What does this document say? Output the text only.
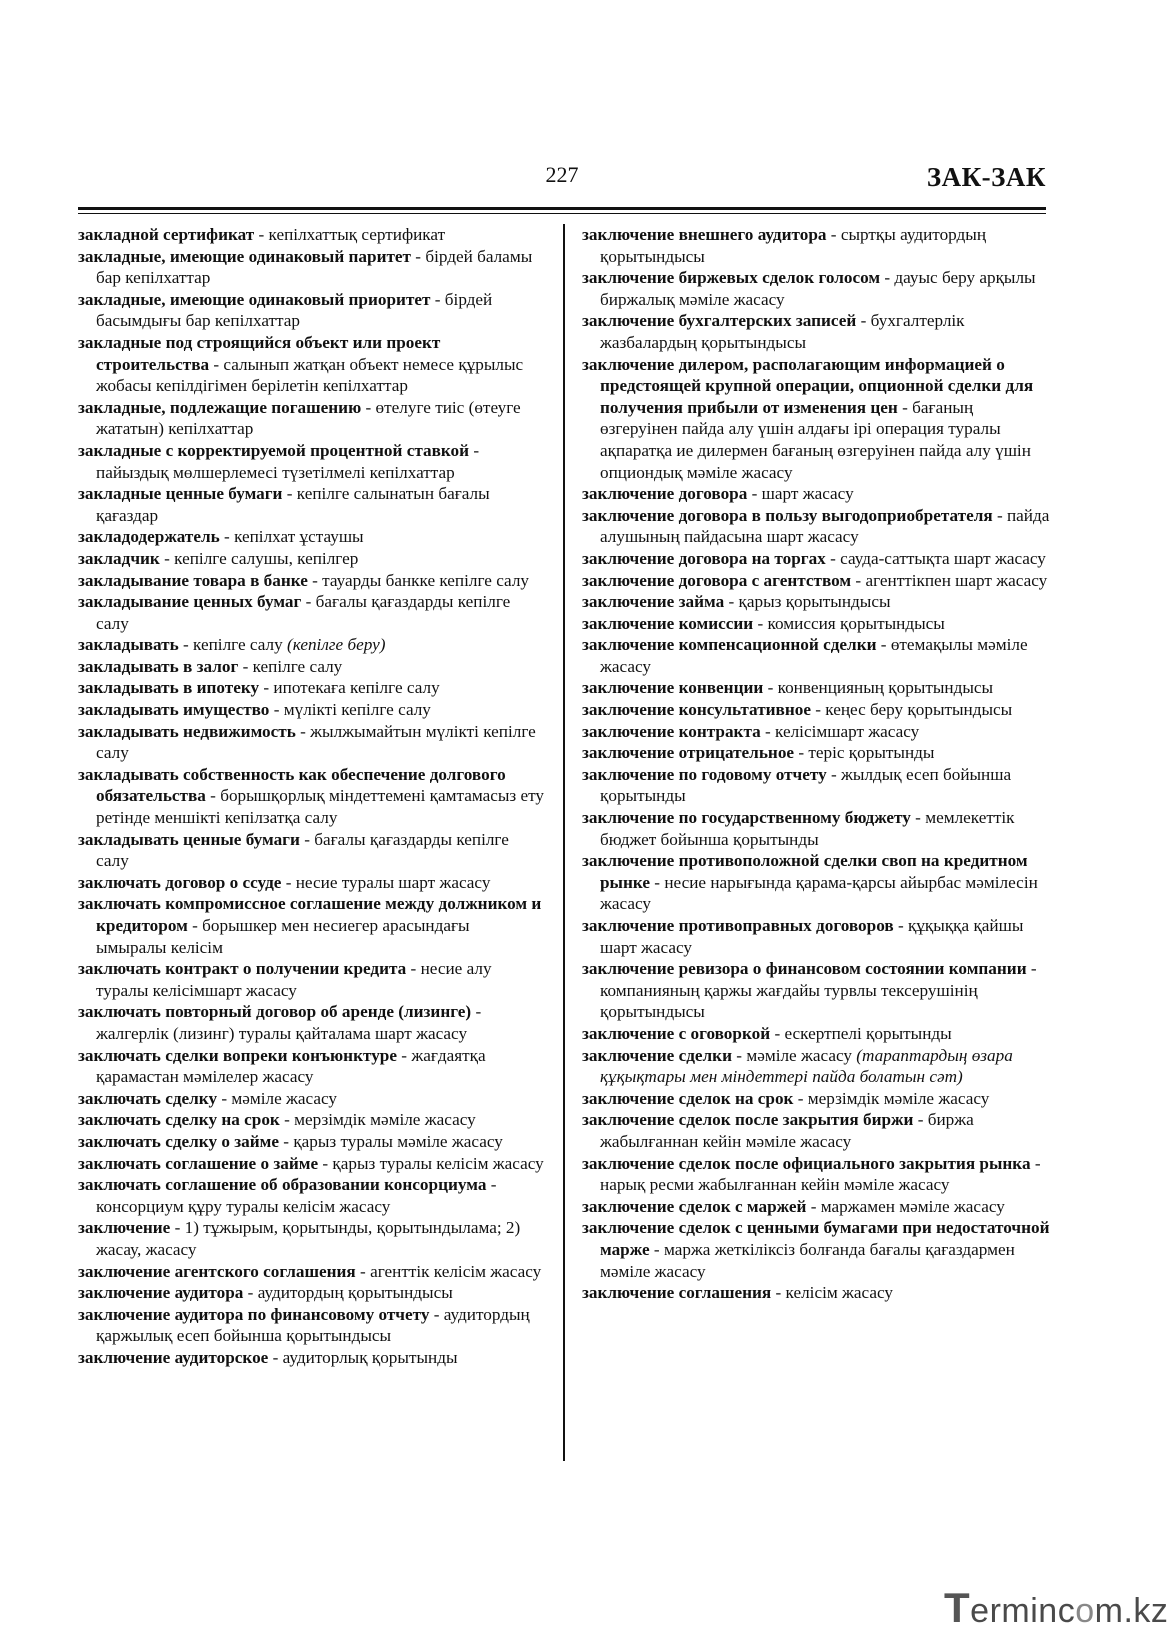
227	ЗАК-ЗАК

закладной сертификат - кепілхаттық сертификат

закладные, имеющие одинаковый паритет - бірдей баламы бар кепілхаттар

закладные, имеющие одинаковый приоритет - бірдей басымдығы бар кепілхаттар

закладные под строящийся объект или проект строительства - салынып жатқан объект немесе құрылыс жобасы кепілдігімен берілетін кепілхаттар

закладные, подлежащие погашению - өтелуге тиіс (өтеуге жататын) кепілхаттар

закладные с корректируемой процентной ставкой - пайыздық мөлшерлемесі түзетілмелі кепілхаттар

закладные ценные бумаги - кепілге салынатын бағалы қағаздар

закладодержатель - кепілхат ұстаушы

закладчик - кепілге салушы, кепілгер

закладывание товара в банке - тауарды банкке кепілге салу

закладывание ценных бумаг - бағалы қағаздарды кепілге салу

закладывать - кепілге салу (кепілге беру)

закладывать в залог - кепілге салу

закладывать в ипотеку - ипотекаға кепілге салу

закладывать имущество - мүлікті кепілге салу

закладывать недвижимость - жылжымайтын мүлікті кепілге салу

закладывать собственность как обеспечение долгового обязательства - борышқорлық міндеттемені қамтамасыз ету ретінде меншікті кепілзатқа салу

закладывать ценные бумаги - бағалы қағаздарды кепілге салу

заключать договор о ссуде - несие туралы шарт жасасу

заключать компромиссное соглашение между должником и кредитором - борышкер мен несиегер арасындағы ымыралы келісім

заключать контракт о получении кредита - несие алу туралы келісімшарт жасасу

заключать повторный договор об аренде (лизинге) - жалгерлік (лизинг) туралы қайталама шарт жасасу

заключать сделки вопреки конъюнктуре - жағдаятқа қарамастан мәмілелер жасасу

заключать сделку - мәміле жасасу

заключать сделку на срок - мерзімдік мәміле жасасу

заключать сделку о займе - қарыз туралы мәміле жасасу

заключать соглашение о займе - қарыз туралы келісім жасасу

заключать соглашение об образовании консорциума - консорциум құру туралы келісім жасасу

заключение - 1) тұжырым, қорытынды, қорытындылама; 2) жасау, жасасу

заключение агентского соглашения - агенттік келісім жасасу

заключение аудитора - аудитордың қорытындысы

заключение аудитора по финансовому отчету - аудитордың қаржылық есеп бойынша қорытындысы

заключение аудиторское - аудиторлық қорытынды

заключение внешнего аудитора - сыртқы аудитордың қорытындысы

заключение биржевых сделок голосом - дауыс беру арқылы биржалық мәміле жасасу

заключение бухгалтерских записей - бухгалтерлік жазбалардың қорытындысы

заключение дилером, располагающим информацией о предстоящей крупной операции, опционной сделки для получения прибыли от изменения цен - бағаның өзгеруінен пайда алу үшін алдағы ірі операция туралы ақпаратқа ие дилермен бағаның өзгеруінен пайда алу үшін опциондық мәміле жасасу

заключение договора - шарт жасасу

заключение договора в пользу выгодоприобретателя - пайда алушының пайдасына шарт жасасу

заключение договора на торгах - сауда-саттықта шарт жасасу

заключение договора с агентством - агенттікпен шарт жасасу

заключение займа - қарыз қорытындысы

заключение комиссии - комиссия қорытындысы

заключение компенсационной сделки - өтемақылы мәміле жасасу

заключение конвенции - конвенцияның қорытындысы

заключение консультативное - кеңес беру қорытындысы

заключение контракта - келісімшарт жасасу

заключение отрицательное - теріс қорытынды

заключение по годовому отчету - жылдық есеп бойынша қорытынды

заключение по государственному бюджету - мемлекеттік бюджет бойынша қорытынды

заключение противоположной сделки своп на кредитном рынке - несие нарығында қарама-қарсы айырбас мәмілесін жасасу

заключение противоправных договоров - құқыққа қайшы шарт жасасу

заключение ревизора о финансовом состоянии компании - компанияның қаржы жағдайы турвлы тексерушінің қорытындысы

заключение с оговоркой - ескертпелі қорытынды

заключение сделки - мәміле жасасу (тараптардың өзара құқықтары мен міндеттері пайда болатын сәт)

заключение сделок на срок - мерзімдік мәміле жасасу

заключение сделок после закрытия биржи - биржа жабылғаннан кейін мәміле жасасу

заключение сделок после официального закрытия рынка - нарық ресми жабылғаннан кейін мәміле жасасу

заключение сделок с маржей - маржамен мәміле жасасу

заключение сделок с ценными бумагами при недостаточной марже - маржа жеткіліксіз болғанда бағалы қағаздармен мәміле жасасу

заключение соглашения - келісім жасасу

Termincom.kz
